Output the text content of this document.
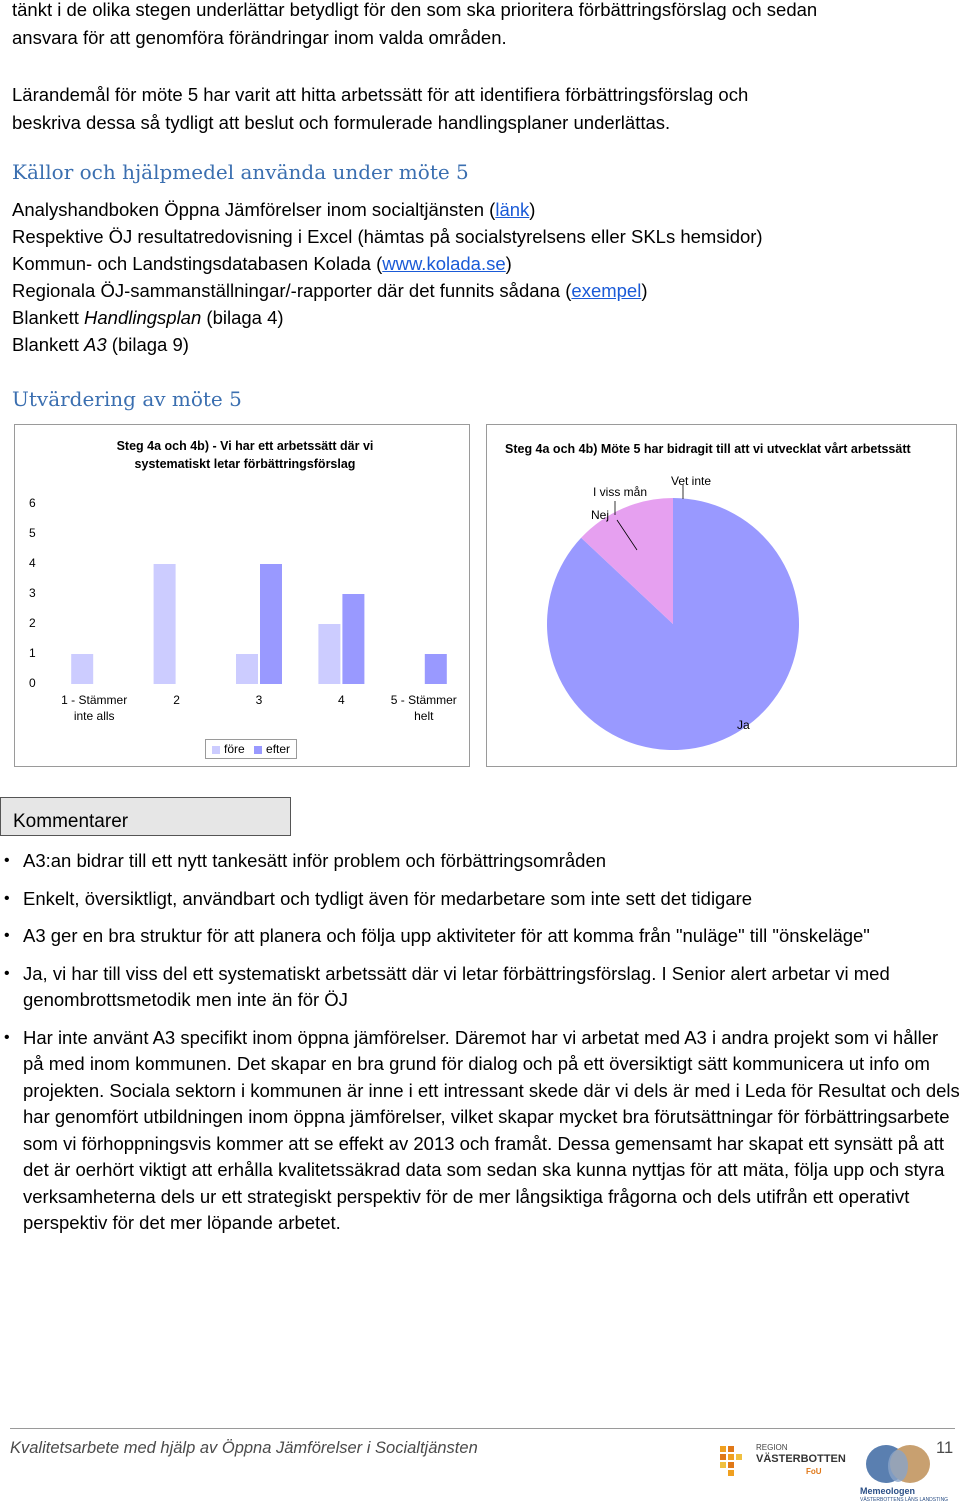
tänkt i de olika stegen underlättar betydligt för den som ska prioritera förbättringsförslag och sedan
ansvara för att genomföra förändringar inom valda områden.
Lärandemål för möte 5 har varit att hitta arbetssätt för att identifiera förbättringsförslag och
beskriva dessa så tydligt att beslut och formulerade handlingsplaner underlättas.
Källor och hjälpmedel använda under möte 5
Analyshandboken Öppna Jämförelser inom socialtjänsten (länk)
Respektive ÖJ resultatredovisning i Excel (hämtas på socialstyrelsens eller SKLs hemsidor)
Kommun- och Landstingsdatabasen Kolada (www.kolada.se)
Regionala ÖJ-sammanställningar/-rapporter där det funnits sådana (exempel)
Blankett Handlingsplan (bilaga 4)
Blankett A3 (bilaga 9)
Utvärdering av möte 5
Steg 4a och 4b) - Vi har ett arbetssätt där vi systematiskt letar förbättringsförslag
0
1
2
3
4
5
6
1 - Stämmer inte alls
2	3	4	5 - Stämmer helt
före efter
Steg 4a och 4b) Möte 5 har bidragit till att vi utvecklat vårt arbetssätt
Vet inte
I viss mån
Nej
Ja
Kommentarer
• A3:an bidrar till ett nytt tankesätt inför problem och förbättringsområden
• Enkelt, översiktligt, användbart och tydligt även för medarbetare som inte sett det tidigare
• A3 ger en bra struktur för att planera och följa upp aktiviteter för att komma från "nuläge" till "önskeläge"
• Ja, vi har till viss del ett systematiskt arbetssätt där vi letar förbättringsförslag. I Senior alert arbetar vi med genombrottsmetodik men inte än för ÖJ
• Har inte använt A3 specifikt inom öppna jämförelser. Däremot har vi arbetat med A3 i andra projekt som vi håller på med inom kommunen. Det skapar en bra grund för dialog och på ett översiktigt sätt kommunicera ut info om projekten. Sociala sektorn i kommunen är inne i ett intressant skede där vi dels är med i Leda för Resultat och dels har genomfört utbildningen inom öppna jämförelser, vilket skapar mycket bra förutsättningar för förbättringsarbete som vi förhoppningsvis kommer att se effekt av 2013 och framåt. Dessa gemensamt har skapat ett synsätt på att det är oerhört viktigt att erhålla kvalitetssäkrad data som sedan ska kunna nyttjas för att mäta, följa upp och styra verksamheterna dels ur ett strategiskt perspektiv för de mer långsiktiga frågorna och dels utifrån ett operativt perspektiv för det mer löpande arbetet.
Kvalitetsarbete med hjälp av Öppna Jämförelser i Socialtjänsten	11
REGION
VÄSTERBOTTEN
FoU
Memeologen
VÄSTERBOTTENS LÄNS LANDSTING
